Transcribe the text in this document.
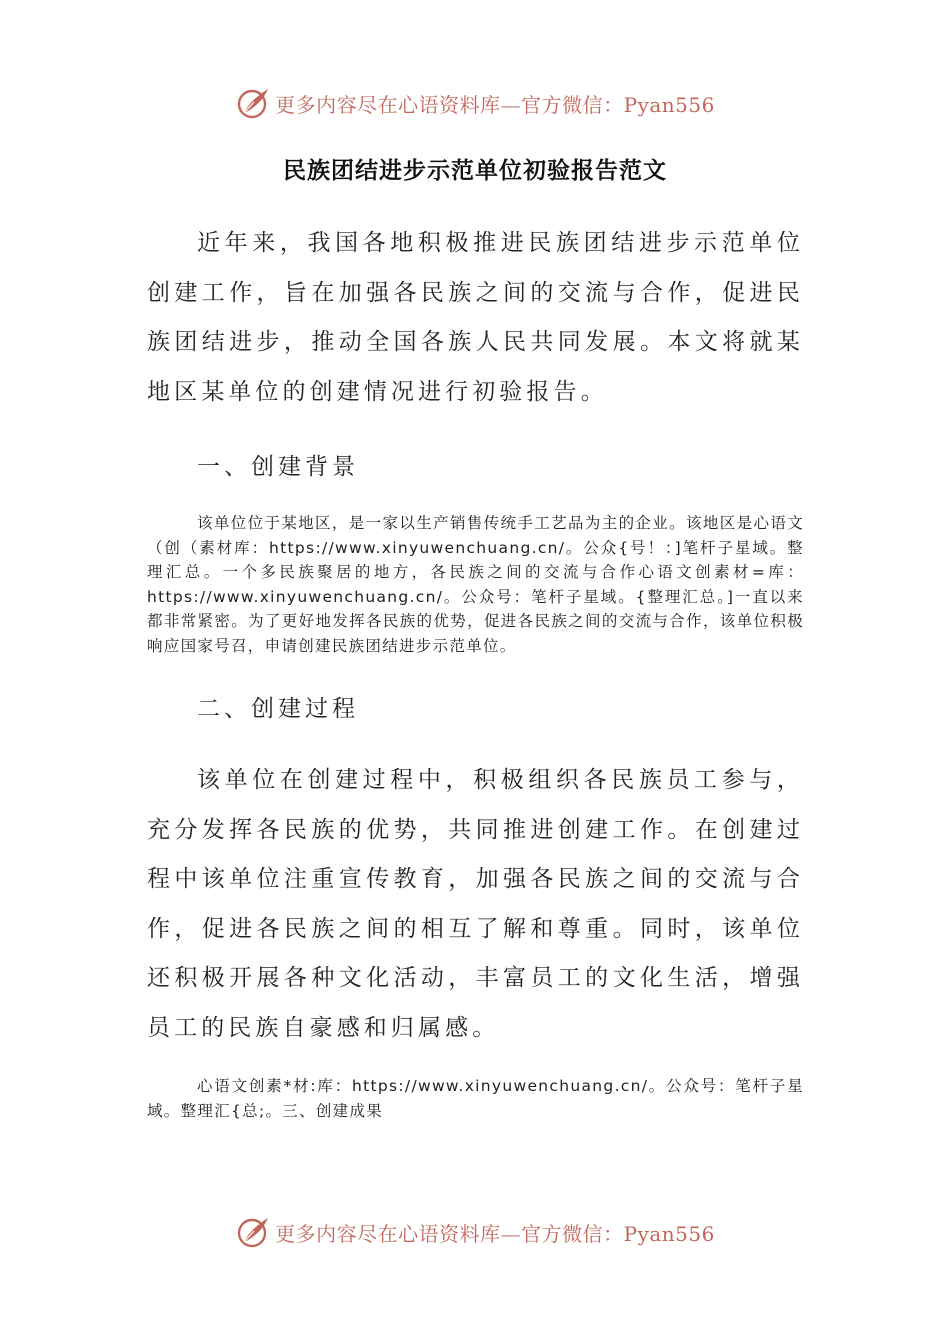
更多内容尽在心语资料库—官方微信：Pyan556
民族团结进步示范单位初验报告范文

近年来，我国各地积极推进民族团结进步示范单位创建工作，旨在加强各民族之间的交流与合作，促进民族团结进步，推动全国各族人民共同发展。本文将就某地区某单位的创建情况进行初验报告。

一、创建背景

该单位位于某地区，是一家以生产销售传统手工艺品为主的企业。该地区是心语文（创（素材库：https://www.xinyuwenchuang.cn/。公众{号！：]笔杆子星域。整理汇总。一个多民族聚居的地方，各民族之间的交流与合作心语文创素材=库：https://www.xinyuwenchuang.cn/。公众号：笔杆子星域。{整理汇总。]一直以来都非常紧密。为了更好地发挥各民族的优势，促进各民族之间的交流与合作，该单位积极响应国家号召，申请创建民族团结进步示范单位。

二、创建过程

该单位在创建过程中，积极组织各民族员工参与，充分发挥各民族的优势，共同推进创建工作。在创建过程中该单位注重宣传教育，加强各民族之间的交流与合作，促进各民族之间的相互了解和尊重。同时，该单位还积极开展各种文化活动，丰富员工的文化生活，增强员工的民族自豪感和归属感。

心语文创素*材:库：https://www.xinyuwenchuang.cn/。公众号：笔杆子星域。整理汇{总;。三、创建成果

更多内容尽在心语资料库—官方微信：Pyan556
